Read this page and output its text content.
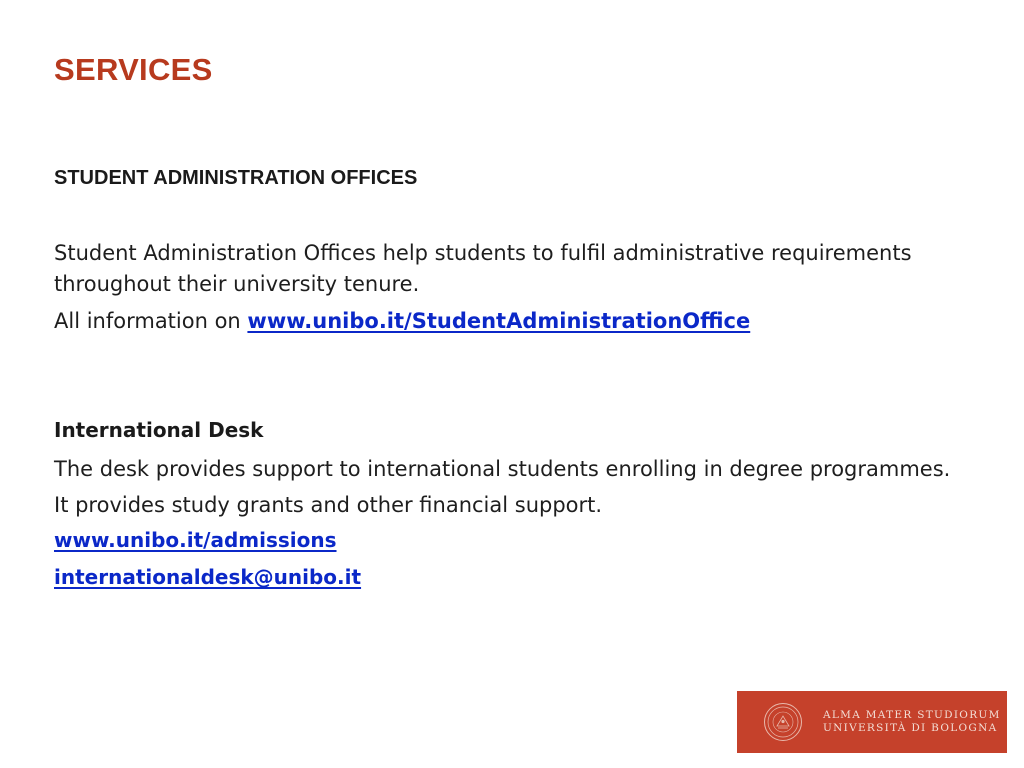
SERVICES
STUDENT ADMINISTRATION OFFICES

Student Administration Offices help students to fulfil administrative requirements throughout their university tenure.

All information on www.unibo.it/StudentAdministrationOffice

International Desk

The desk provides support to international students enrolling in degree programmes. It provides study grants and other financial support.

www.unibo.it/admissions

internationaldesk@unibo.it

ALMA MATER STUDIORUM
UNIVERSITÀ DI BOLOGNA
